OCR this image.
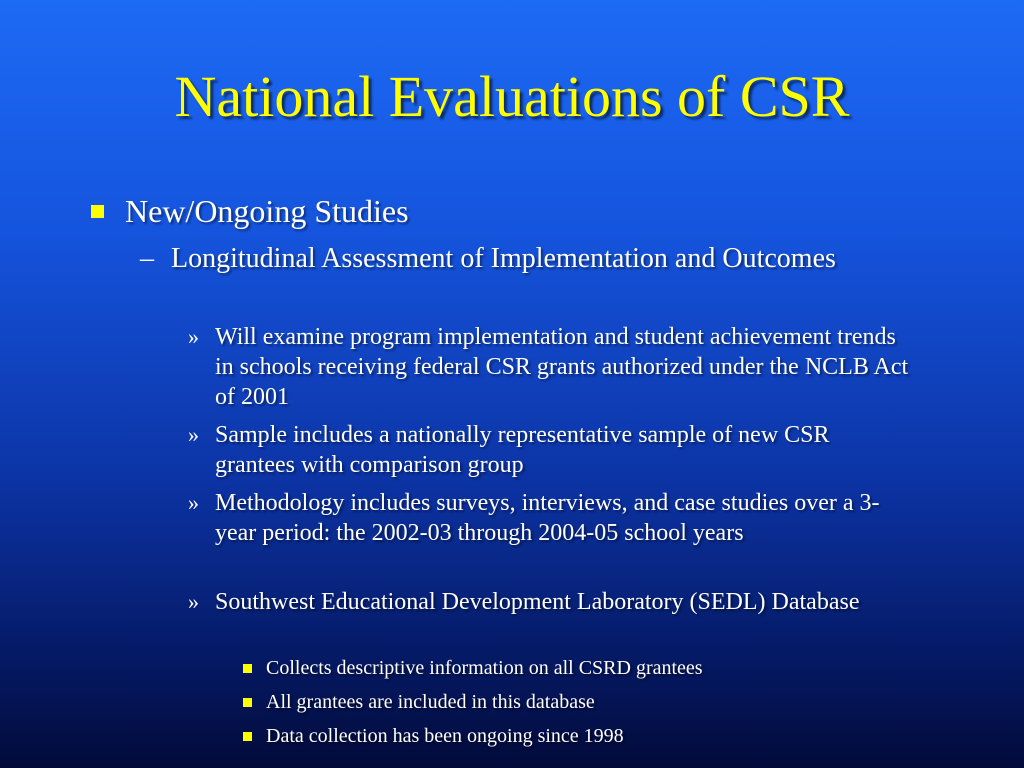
National Evaluations of CSR
New/Ongoing Studies
– Longitudinal Assessment of Implementation and Outcomes
» Will examine program implementation and student achievement trends in schools receiving federal CSR grants authorized under the NCLB Act of 2001
» Sample includes a nationally representative sample of new CSR grantees with comparison group
» Methodology includes surveys, interviews, and case studies over a 3-year period: the 2002-03 through 2004-05 school years
» Southwest Educational Development Laboratory (SEDL) Database
Collects descriptive information on all CSRD grantees
All grantees are included in this database
Data collection has been ongoing since 1998
